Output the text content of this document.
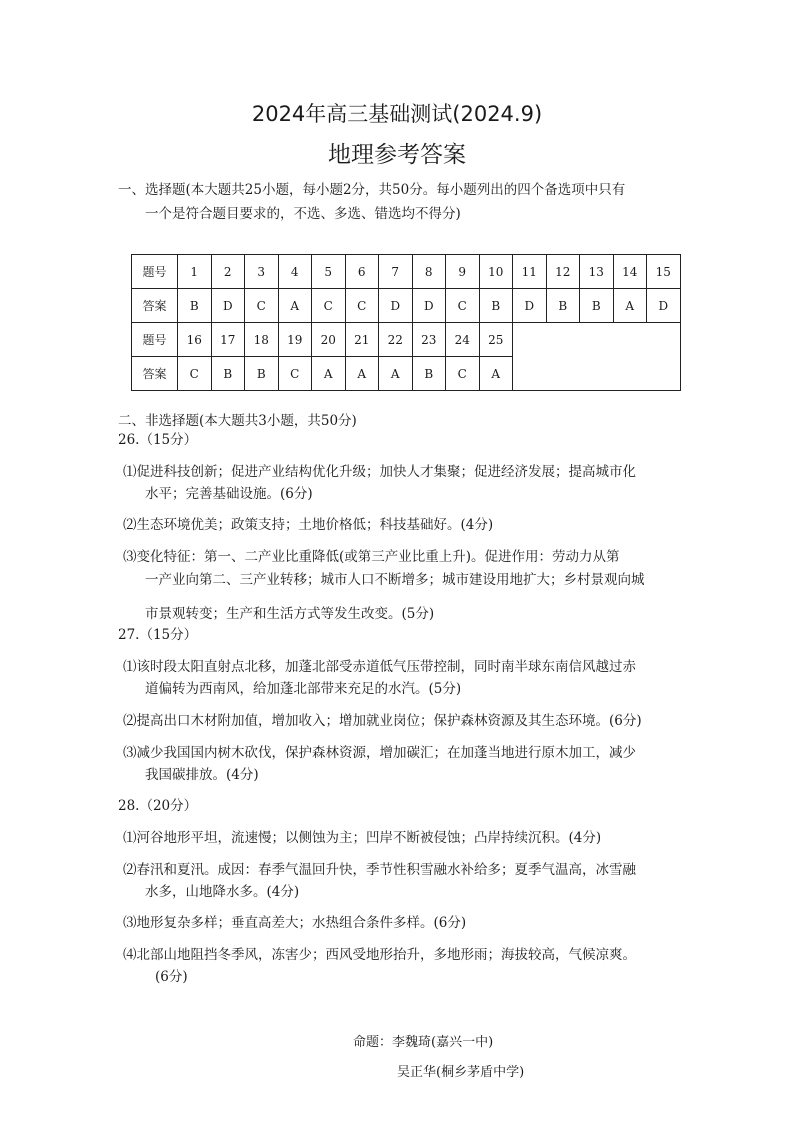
2024年高三基础测试(2024.9)
地理参考答案
一、选择题(本大题共25小题，每小题2分，共50分。每小题列出的四个备选项中只有
一个是符合题目要求的，不选、多选、错选均不得分)
题号	1	2	3	4	5	6	7	8	9	10	11	12	13	14	15
答案	B	D	C	A	C	C	D	D	C	B	D	B	B	A	D
题号	16	17	18	19	20	21	22	23	24	25					
答案	C	B	B	C	A	A	A	B	C	A					
二、非选择题(本大题共3小题，共50分)
26.（15分）
⑴促进科技创新；促进产业结构优化升级；加快人才集聚；促进经济发展；提高城市化
水平；完善基础设施。(6分)
⑵生态环境优美；政策支持；土地价格低；科技基础好。(4分)
⑶变化特征：第一、二产业比重降低(或第三产业比重上升)。促进作用：劳动力从第
一产业向第二、三产业转移；城市人口不断增多；城市建设用地扩大；乡村景观向城
市景观转变；生产和生活方式等发生改变。(5分)
27.（15分）
⑴该时段太阳直射点北移，加蓬北部受赤道低气压带控制，同时南半球东南信风越过赤
道偏转为西南风，给加蓬北部带来充足的水汽。(5分)
⑵提高出口木材附加值，增加收入；增加就业岗位；保护森林资源及其生态环境。(6分)
⑶减少我国国内树木砍伐，保护森林资源，增加碳汇；在加蓬当地进行原木加工，减少
我国碳排放。(4分)
28.（20分）
⑴河谷地形平坦，流速慢；以侧蚀为主；凹岸不断被侵蚀；凸岸持续沉积。(4分)
⑵春汛和夏汛。成因：春季气温回升快，季节性积雪融水补给多；夏季气温高，冰雪融
水多，山地降水多。(4分)
⑶地形复杂多样；垂直高差大；水热组合条件多样。(6分)
⑷北部山地阻挡冬季风，冻害少；西风受地形抬升，多地形雨；海拔较高，气候凉爽。
(6分)
命题：李魏琦(嘉兴一中)
吴正华(桐乡茅盾中学)
